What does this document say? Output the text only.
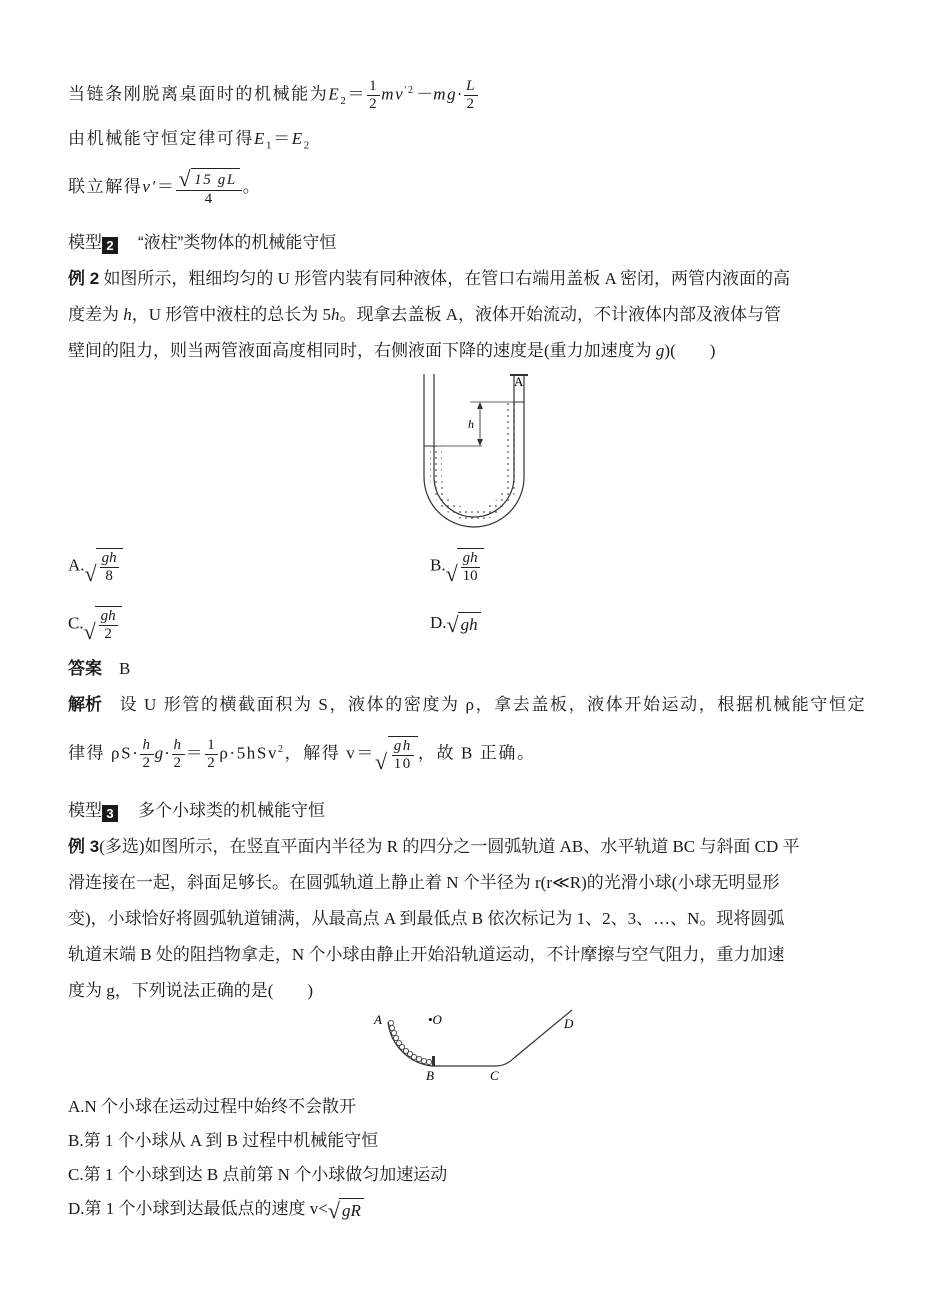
当链条刚脱离桌面时的机械能为$E_2= \frac{1}{2} mv^{'2}-mg\cdot \frac{L}{2}$
由机械能守恒定律可得$E_1=E_2$
联立解得$v'= \frac{√ 15 gL}{4}$ 。
模型 2 “液柱”类物体的机械能守恒
例 2 如图所示，粗细均匀的 U 形管内装有同种液体，在管口右端用盖板 A 密闭，两管内液面的高
度差为 h，U 形管中液柱的总长为 5h。现拿去盖板 A，液体开始流动，不计液体内部及液体与管
壁间的阻力，则当两管液面高度相同时，右侧液面下降的速度是(重力加速度为 g)(　　)
A
h
A. √ $\frac{gh}{8}$	B. √ $\frac{gh}{10}$
C. √ $\frac{gh}{2}$	D. √ gh
答案 B
解析 设 U 形管的横截面积为 S，液体的密度为 ρ，拿去盖板，液体开始运动，根据机械能守恒定
律得 $\rho S\cdot \frac{h}{2} g\cdot \frac{h}{2} = \frac{1}{2} \rho\cdot 5hSv^2$，解得 v＝ √ $\frac{gh}{10}$ ，故 B 正确。
模型 3 多个小球类的机械能守恒
例 3(多选)如图所示，在竖直平面内半径为 R 的四分之一圆弧轨道 AB、水平轨道 BC 与斜面 CD 平
滑连接在一起，斜面足够长。在圆弧轨道上静止着 N 个半径为 r(r≪R)的光滑小球(小球无明显形
变)，小球恰好将圆弧轨道铺满，从最高点 A 到最低点 B 依次标记为 1、2、3、…、N。现将圆弧
轨道末端 B 处的阻挡物拿走，N 个小球由静止开始沿轨道运动，不计摩擦与空气阻力，重力加速
度为 g，下列说法正确的是(　　)
A	•O
B	C
D
A.N 个小球在运动过程中始终不会散开
B.第 1 个小球从 A 到 B 过程中机械能守恒
C.第 1 个小球到达 B 点前第 N 个小球做匀加速运动
D.第 1 个小球到达最低点的速度 v< √ gR
